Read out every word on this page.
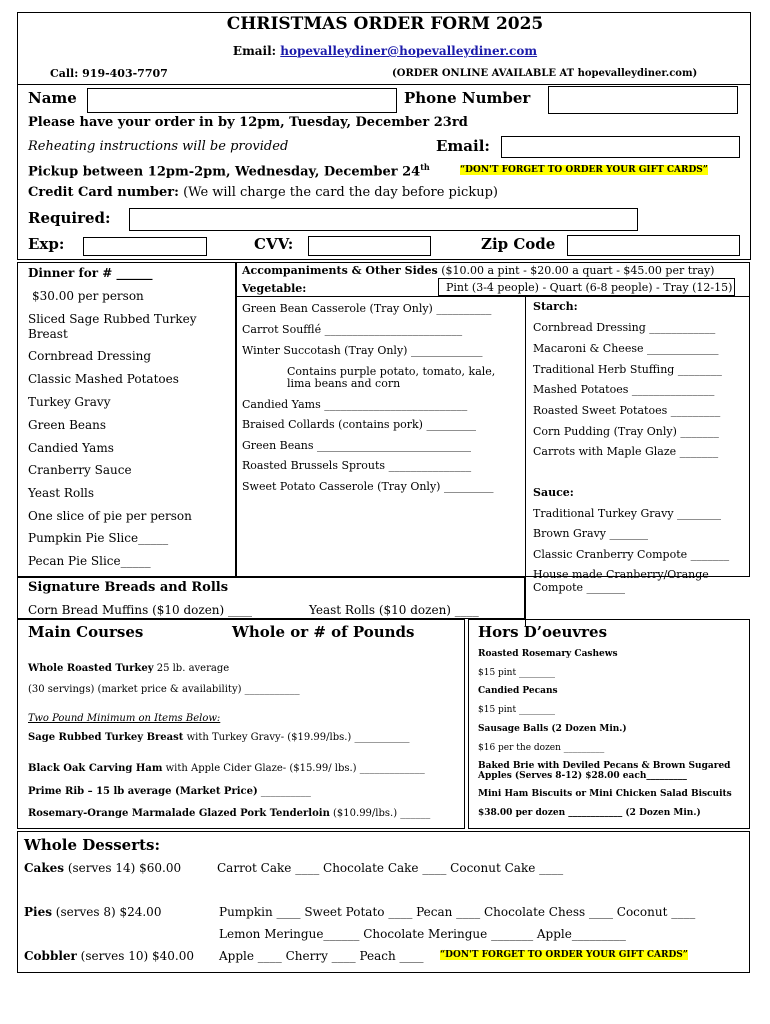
CHRISTMAS ORDER FORM 2025
Email: hopevalleydiner@hopevalleydiner.com
Call: 919-403-7707	(ORDER ONLINE AVAILABLE AT hopevalleydiner.com)
Name	Phone Number
Please have your order in by 12pm, Tuesday, December 23rd
Reheating instructions will be provided	Email:
Pickup between 12pm-2pm, Wednesday, December 24th	“DON'T FORGET TO ORDER YOUR GIFT CARDS”
Credit Card number: (We will charge the card the day before pickup)
Required:
Exp:	CVV:	Zip Code
Dinner for # ______
$30.00 per person
Sliced Sage Rubbed Turkey
Breast
Cornbread Dressing
Classic Mashed Potatoes
Turkey Gravy
Green Beans
Candied Yams
Cranberry Sauce
Yeast Rolls
One slice of pie per person
Pumpkin Pie Slice_____
Pecan Pie Slice_____
Accompaniments & Other Sides ($10.00 a pint - $20.00 a quart - $45.00 per tray)
Vegetable:	Pint (3-4 people) - Quart (6-8 people) - Tray (12-15)
Green Bean Casserole (Tray Only) __________
Carrot Soufflé _________________________
Winter Succotash (Tray Only) _____________
Contains purple potato, tomato, kale,
lima beans and corn
Candied Yams __________________________
Braised Collards (contains pork) _________
Green Beans ____________________________
Roasted Brussels Sprouts _______________
Sweet Potato Casserole (Tray Only) _________
Starch:
Cornbread Dressing ____________
Macaroni & Cheese _____________
Traditional Herb Stuffing ________
Mashed Potatoes _______________
Roasted Sweet Potatoes _________
Corn Pudding (Tray Only) _______
Carrots with Maple Glaze _______
Sauce:
Traditional Turkey Gravy ________
Brown Gravy _______
Classic Cranberry Compote _______
House made Cranberry/Orange
Compote _______
Signature Breads and Rolls
Corn Bread Muffins ($10 dozen) ____	Yeast Rolls ($10 dozen) ____
Main Courses	Whole or # of Pounds
Whole Roasted Turkey 25 lb. average
(30 servings) (market price & availability) ___________
Two Pound Minimum on Items Below:
Sage Rubbed Turkey Breast with Turkey Gravy- ($19.99/lbs.) ___________
Black Oak Carving Ham with Apple Cider Glaze- ($15.99/ lbs.) _____________
Prime Rib – 15 lb average (Market Price) __________
Rosemary-Orange Marmalade Glazed Pork Tenderloin ($10.99/lbs.) ______
Hors D’oeuvres
Roasted Rosemary Cashews
$15 pint ________
Candied Pecans
$15 pint ________
Sausage Balls (2 Dozen Min.)
$16 per the dozen _________
Baked Brie with Deviled Pecans & Brown Sugared
Apples (Serves 8-12) $28.00 each_________
Mini Ham Biscuits or Mini Chicken Salad Biscuits
$38.00 per dozen ____________ (2 Dozen Min.)
Whole Desserts:
Cakes (serves 14) $60.00	Carrot Cake ____ Chocolate Cake ____ Coconut Cake ____
Pies (serves 8) $24.00	Pumpkin ____ Sweet Potato ____ Pecan ____ Chocolate Chess ____ Coconut ____
Lemon Meringue______ Chocolate Meringue _______ Apple_________
Cobbler (serves 10) $40.00 Apple ____ Cherry ____ Peach ____ “DON'T FORGET TO ORDER YOUR GIFT CARDS”
